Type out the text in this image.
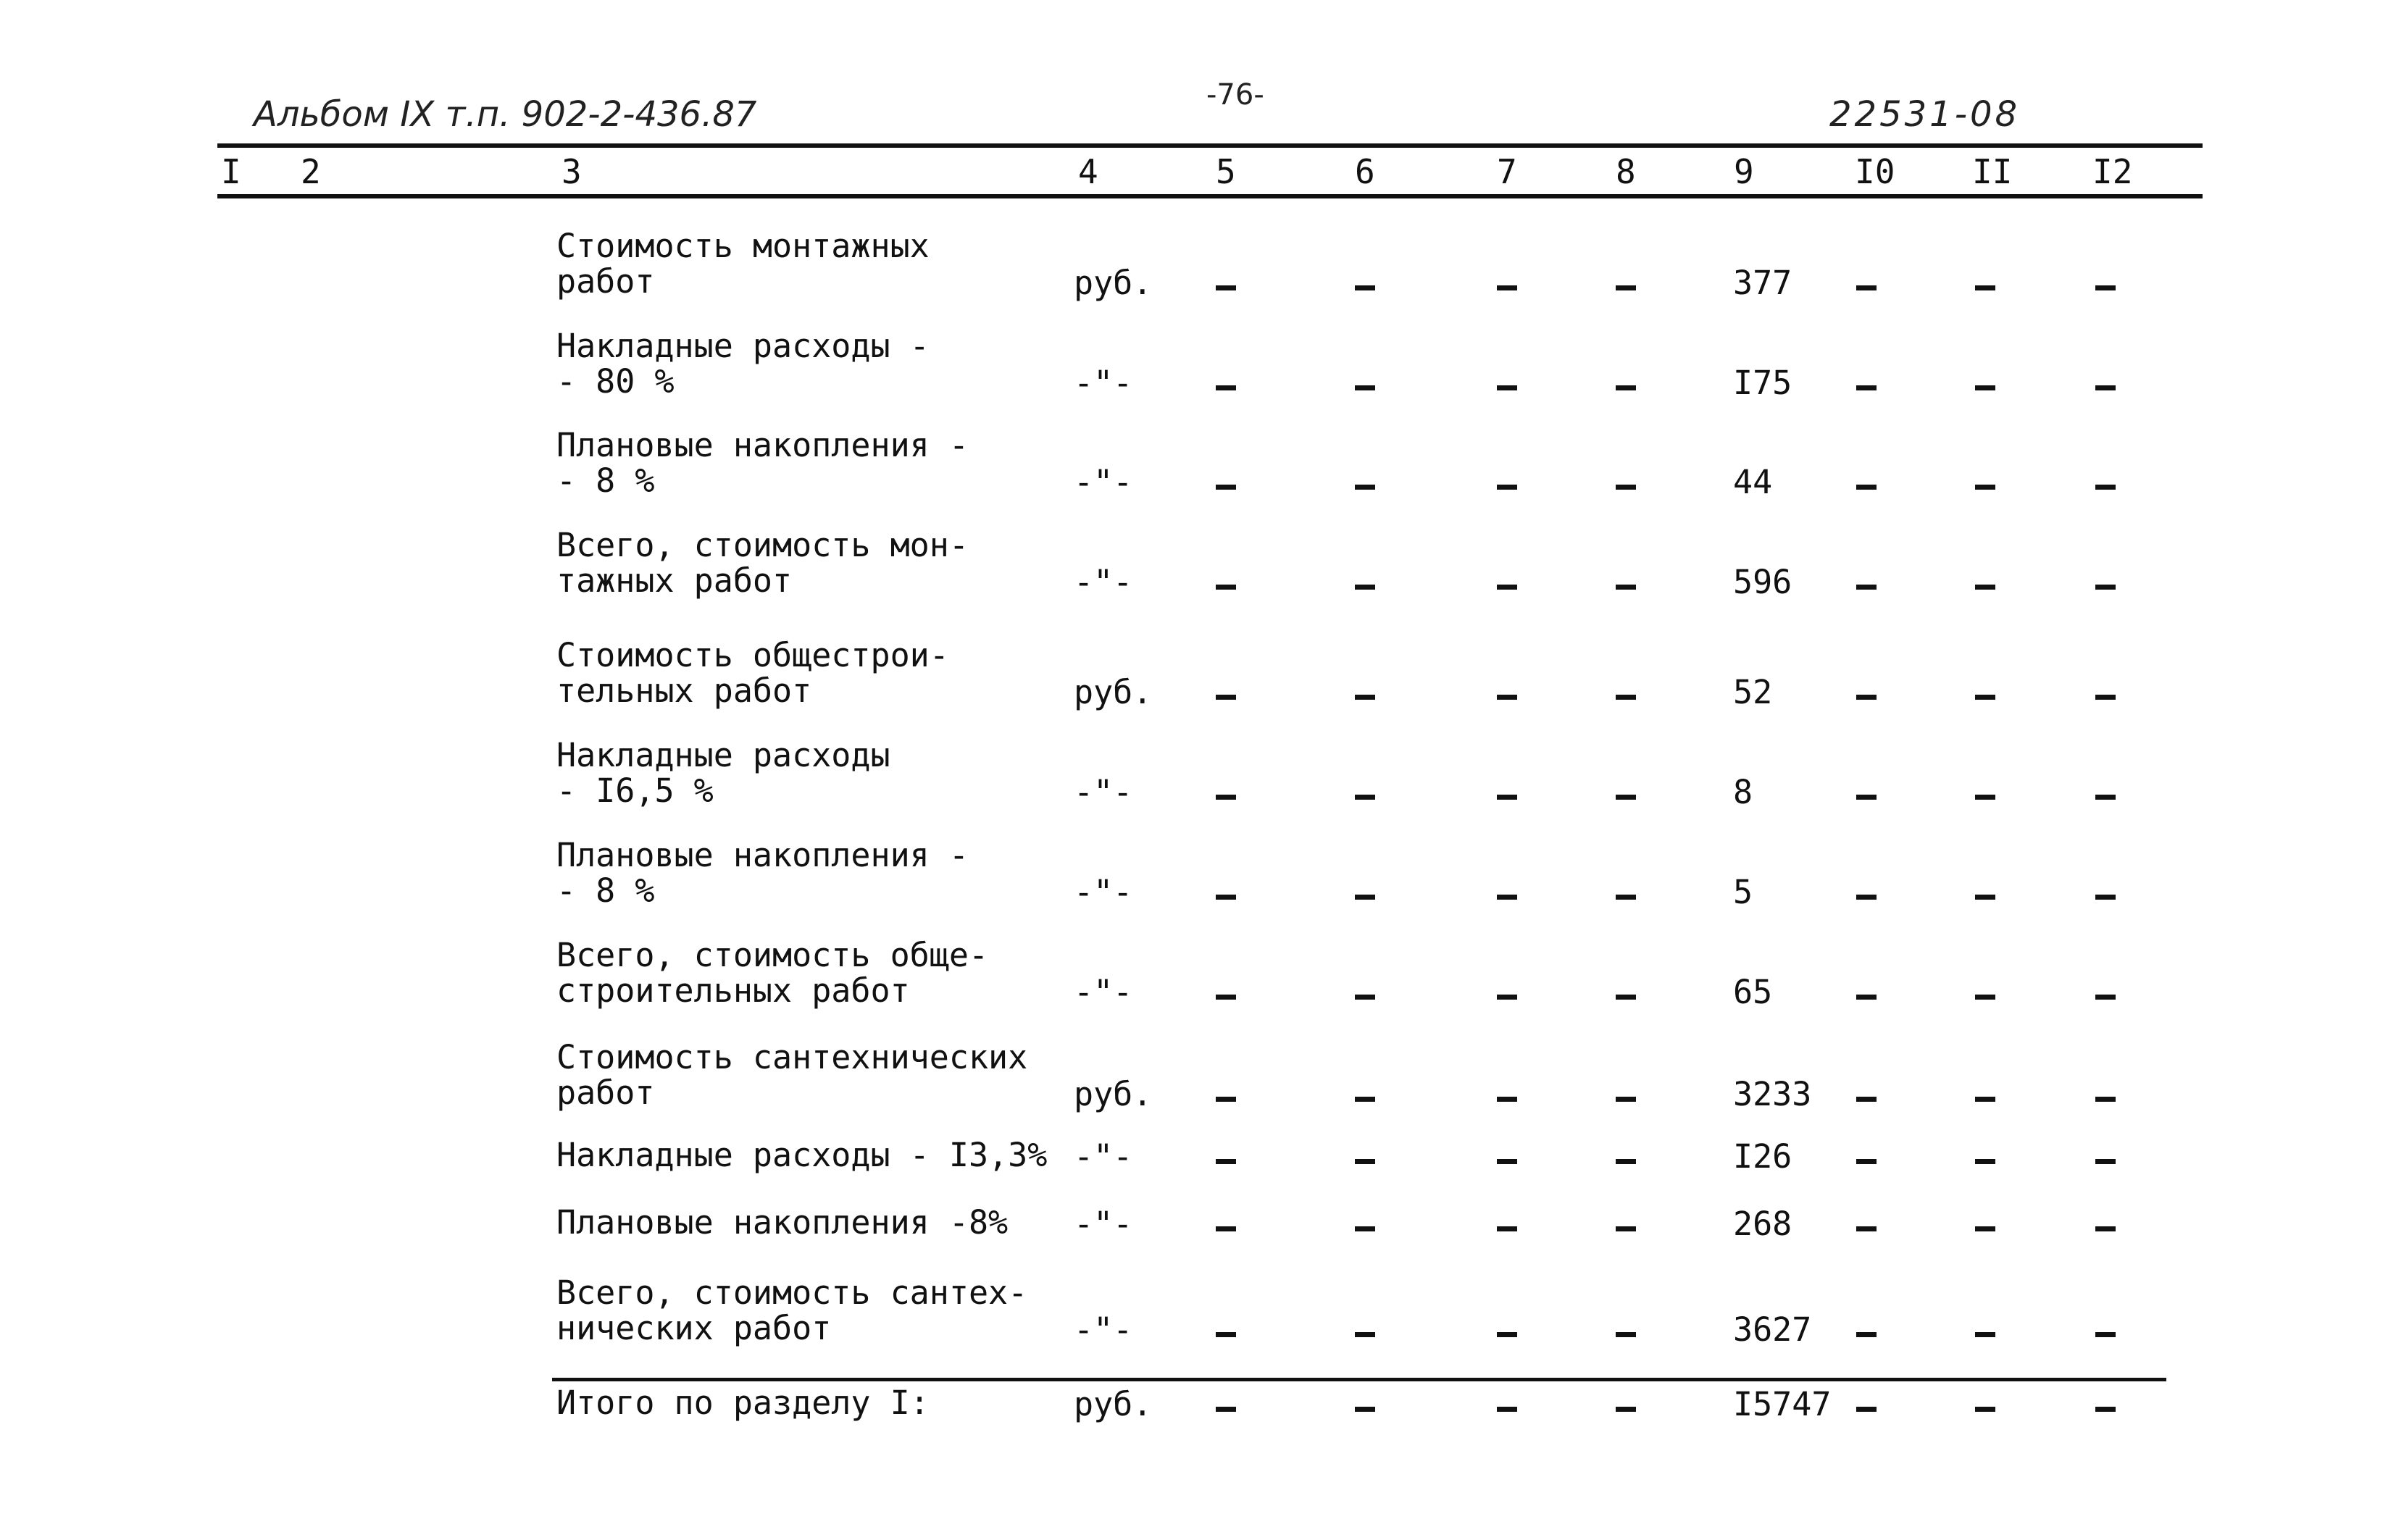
Альбом IX т.п. 902-2-436.87	-76-	22531-08
I 2	3	4	5	6	7	8	9	I0 II I2
Стоимость монтажных
работ	руб.	377
Накладные расходы -
- 80 %	-"-	I75
Плановые накопления -
- 8 %	-"-	44
Всего, стоимость мон-
тажных работ	-"-	596
Стоимость общестрои-
тельных работ	руб.	52
Накладные расходы
- I6,5 %	-"-	8
Плановые накопления -
- 8 %	-"-	5
Всего, стоимость обще-
строительных работ	-"-	65
Стоимость сантехнических
работ	руб.	3233
Накладные расходы - I3,3% -"-	I26
Плановые накопления -8% -"-	268
Всего, стоимость сантех-
нических работ	-"-	3627
Итого по разделу I:	руб.	I5747
